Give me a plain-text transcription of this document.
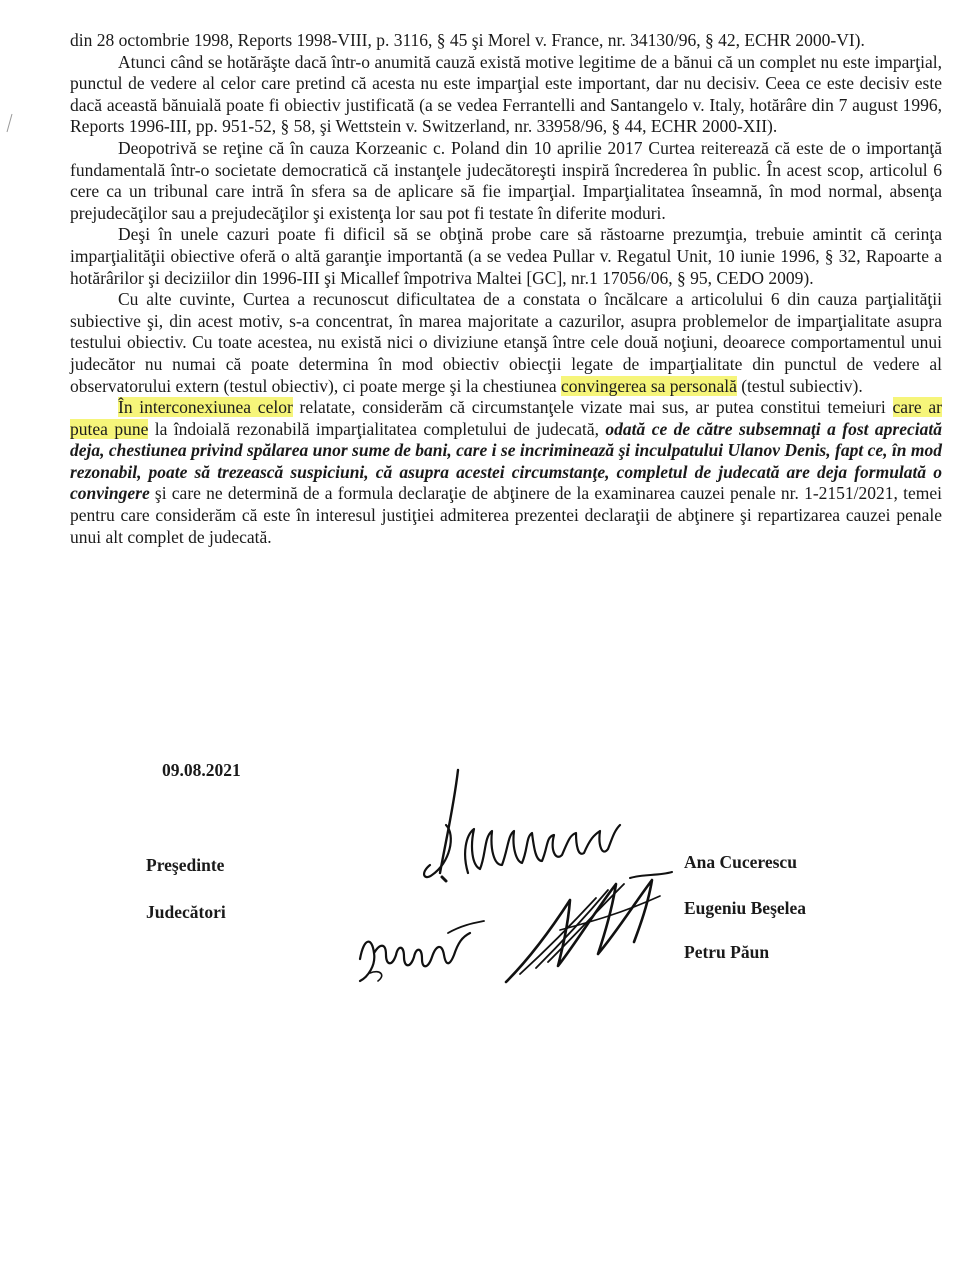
din 28 octombrie 1998, Reports 1998-VIII, p. 3116, § 45 şi Morel v. France, nr. 34130/96, § 42, ECHR 2000-VI).

Atunci când se hotărăşte dacă într-o anumită cauză există motive legitime de a bănui că un complet nu este imparţial, punctul de vedere al celor care pretind că acesta nu este imparţial este important, dar nu decisiv. Ceea ce este decisiv este dacă această bănuială poate fi obiectiv justificată (a se vedea Ferrantelli and Santangelo v. Italy, hotărâre din 7 august 1996, Reports 1996-III, pp. 951-52, § 58, şi Wettstein v. Switzerland, nr. 33958/96, § 44, ECHR 2000-XII).

Deopotrivă se reţine că în cauza Korzeanic c. Poland din 10 aprilie 2017 Curtea reiterează că este de o importanţă fundamentală într-o societate democratică că instanţele judecătoreşti inspiră încrederea în public. În acest scop, articolul 6 cere ca un tribunal care intră în sfera sa de aplicare să fie imparţial. Imparţialitatea înseamnă, în mod normal, absenţa prejudecăţilor sau a prejudecăţilor şi existenţa lor sau pot fi testate în diferite moduri.

Deşi în unele cazuri poate fi dificil să se obţină probe care să răstoarne prezumţia, trebuie amintit că cerinţa imparţialităţii obiective oferă o altă garanţie importantă (a se vedea Pullar v. Regatul Unit, 10 iunie 1996, § 32, Rapoarte a hotărârilor şi deciziilor din 1996-III şi Micallef împotriva Maltei [GC], nr.1 17056/06, § 95, CEDO 2009).

Cu alte cuvinte, Curtea a recunoscut dificultatea de a constata o încălcare a articolului 6 din cauza parţialităţii subiective şi, din acest motiv, s-a concentrat, în marea majoritate a cazurilor, asupra problemelor de imparţialitate asupra testului obiectiv. Cu toate acestea, nu există nici o diviziune etanşă între cele două noţiuni, deoarece comportamentul unui judecător nu numai că poate determina în mod obiectiv obiecţii legate de imparţialitate din punctul de vedere al observatorului extern (testul obiectiv), ci poate merge şi la chestiunea convingerea sa personală (testul subiectiv).

În interconexiunea celor relatate, considerăm că circumstanţele vizate mai sus, ar putea constitui temeiuri care ar putea pune la îndoială rezonabilă imparţialitatea completului de judecată, odată ce de către subsemnaţi a fost apreciată deja, chestiunea privind spălarea unor sume de bani, care i se incriminează şi inculpatului Ulanov Denis, fapt ce, în mod rezonabil, poate să trezească suspiciuni, că asupra acestei circumstanţe, completul de judecată are deja formulată o convingere şi care ne determină de a formula declaraţie de abţinere de la examinarea cauzei penale nr. 1-2151/2021, temei pentru care considerăm că este în interesul justiţiei admiterea prezentei declaraţii de abţinere şi repartizarea cauzei penale unui alt complet de judecată.

09.08.2021
Preşedinte
Judecători
Ana Cucerescu
Eugeniu Beşelea
Petru Păun
